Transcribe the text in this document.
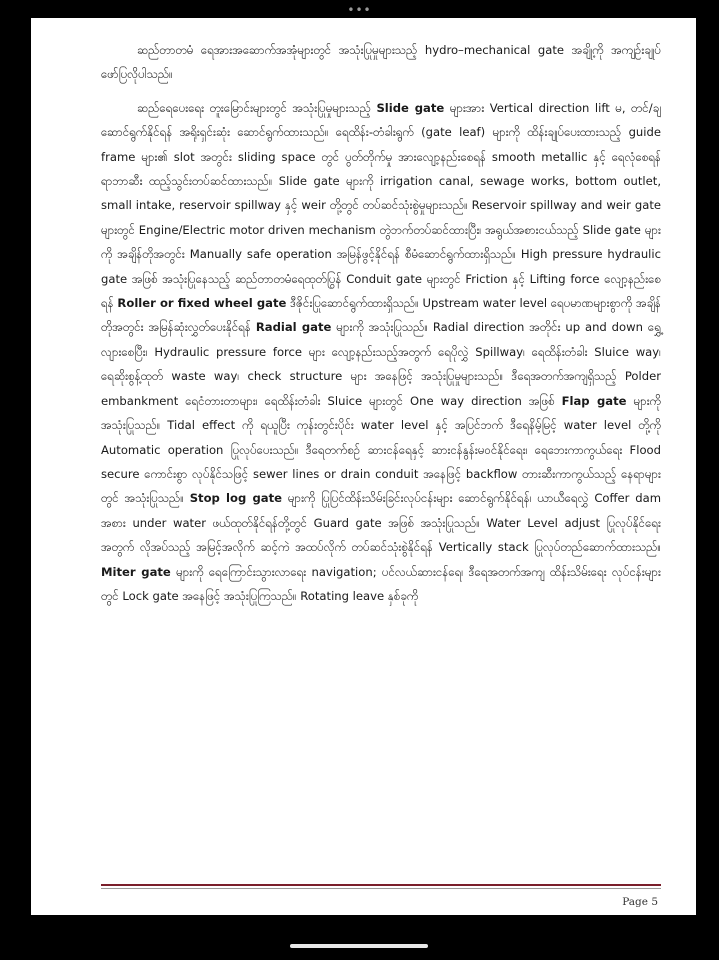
•••

ဆည်တာတမံ ရေအားအဆောက်အအုံများတွင် အသုံးပြုမှုများသည့် hydro–mechanical gate အချို့ကို အကျဉ်းချုပ်ဖော်ပြလိုပါသည်။

ဆည်ရေပေးရေး တူးမြောင်းများတွင် အသုံးပြုမှုများသည့် Slide gate များအား Vertical direction lift မ, တင်/ချ ဆောင်ရွက်နိုင်ရန် အရိုးရှင်းဆုံး ဆောင်ရွက်ထားသည်။ ရေထိန်း-တံခါးရွက် (gate leaf) များကို ထိန်းချုပ်ပေးထားသည့် guide frame များ၏ slot အတွင်း sliding space တွင် ပွတ်တိုက်မှု အားလျော့နည်းစေရန် smooth metallic နှင့် ရေလုံစေရန် ရာဘာဆီး ထည့်သွင်းတပ်ဆင်ထားသည်။ Slide gate များကို irrigation canal, sewage works, bottom outlet, small intake, reservoir spillway နှင့် weir တို့တွင် တပ်ဆင်သုံးစွဲမှုများသည်။ Reservoir spillway and weir gate များတွင် Engine/Electric motor driven mechanism တွဲဘက်တပ်ဆင်ထားပြီး၊ အရွယ်အစားငယ်သည့် Slide gate များကို အချိန်တိုအတွင်း Manually safe operation အမြန်ဖွင့်နိုင်ရန် စီမံဆောင်ရွက်ထားရှိသည်။ High pressure hydraulic gate အဖြစ် အသုံးပြုနေသည့် ဆည်တာတမံရေထုတ်ပြွန် Conduit gate များတွင် Friction နှင့် Lifting force လျော့နည်းစေရန် Roller or fixed wheel gate ဒီဇိုင်းပြုဆောင်ရွက်ထားရှိသည်။ Upstream water level ရေပမာဏများစွာကို အချိန်တိုအတွင်း အမြန်ဆုံးလွှတ်ပေးနိုင်ရန် Radial gate များကို အသုံးပြုသည်။ Radial direction အတိုင်း up and down ရွှေ့လျားစေပြီး၊ Hydraulic pressure force များ လျော့နည်းသည့်အတွက် ရေပိုလွှဲ Spillway၊ ရေထိန်းတံခါး Sluice way၊ ရေဆိုးစွန့်ထုတ် waste way၊ check structure များ အနေဖြင့် အသုံးပြုမှုများသည်။ ဒီရေအတက်အကျရှိသည့် Polder embankment ရေငံတားတာများ၊ ရေထိန်းတံခါး Sluice များတွင် One way direction အဖြစ် Flap gate များကို အသုံးပြုသည်။ Tidal effect ကို ရယူပြီး ကုန်းတွင်းပိုင်း water level နှင့် အပြင်ဘက် ဒီရေနိမ့်မြင့် water level တို့ကို Automatic operation ပြုလုပ်ပေးသည်။ ဒီရေတက်စဉ် ဆားငန်ရေနှင့် ဆားငန်နွန်းမဝင်နိုင်ရေး၊ ရေဘေးကာကွယ်ရေး Flood secure ကောင်းစွာ လုပ်နိုင်သဖြင့် sewer lines or drain conduit အနေဖြင့် backflow တားဆီးကာကွယ်သည့် နေရာများတွင် အသုံးပြုသည်။ Stop log gate များကို ပြုပြင်ထိန်းသိမ်းခြင်းလုပ်ငန်းများ ဆောင်ရွက်နိုင်ရန်၊ ယာယီရေလွှဲ Coffer dam အစား under water ဖယ်ထုတ်နိုင်ရန်တို့တွင် Guard gate အဖြစ် အသုံးပြုသည်။ Water Level adjust ပြုလုပ်နိုင်ရေးအတွက် လိုအပ်သည့် အမြင့်အလိုက် ဆင့်ကဲ အထပ်လိုက် တပ်ဆင်သုံးစွဲနိုင်ရန် Vertically stack ပြုလုပ်တည်ဆောက်ထားသည်။ Miter gate များကို ရေကြောင်းသွားလာရေး navigation; ပင်လယ်ဆားငန်ရေ၊ ဒီရေအတက်အကျ ထိန်းသိမ်းရေး လုပ်ငန်းများတွင် Lock gate အနေဖြင့် အသုံးပြုကြသည်။ Rotating leave နှစ်ခုကို

Page 5
